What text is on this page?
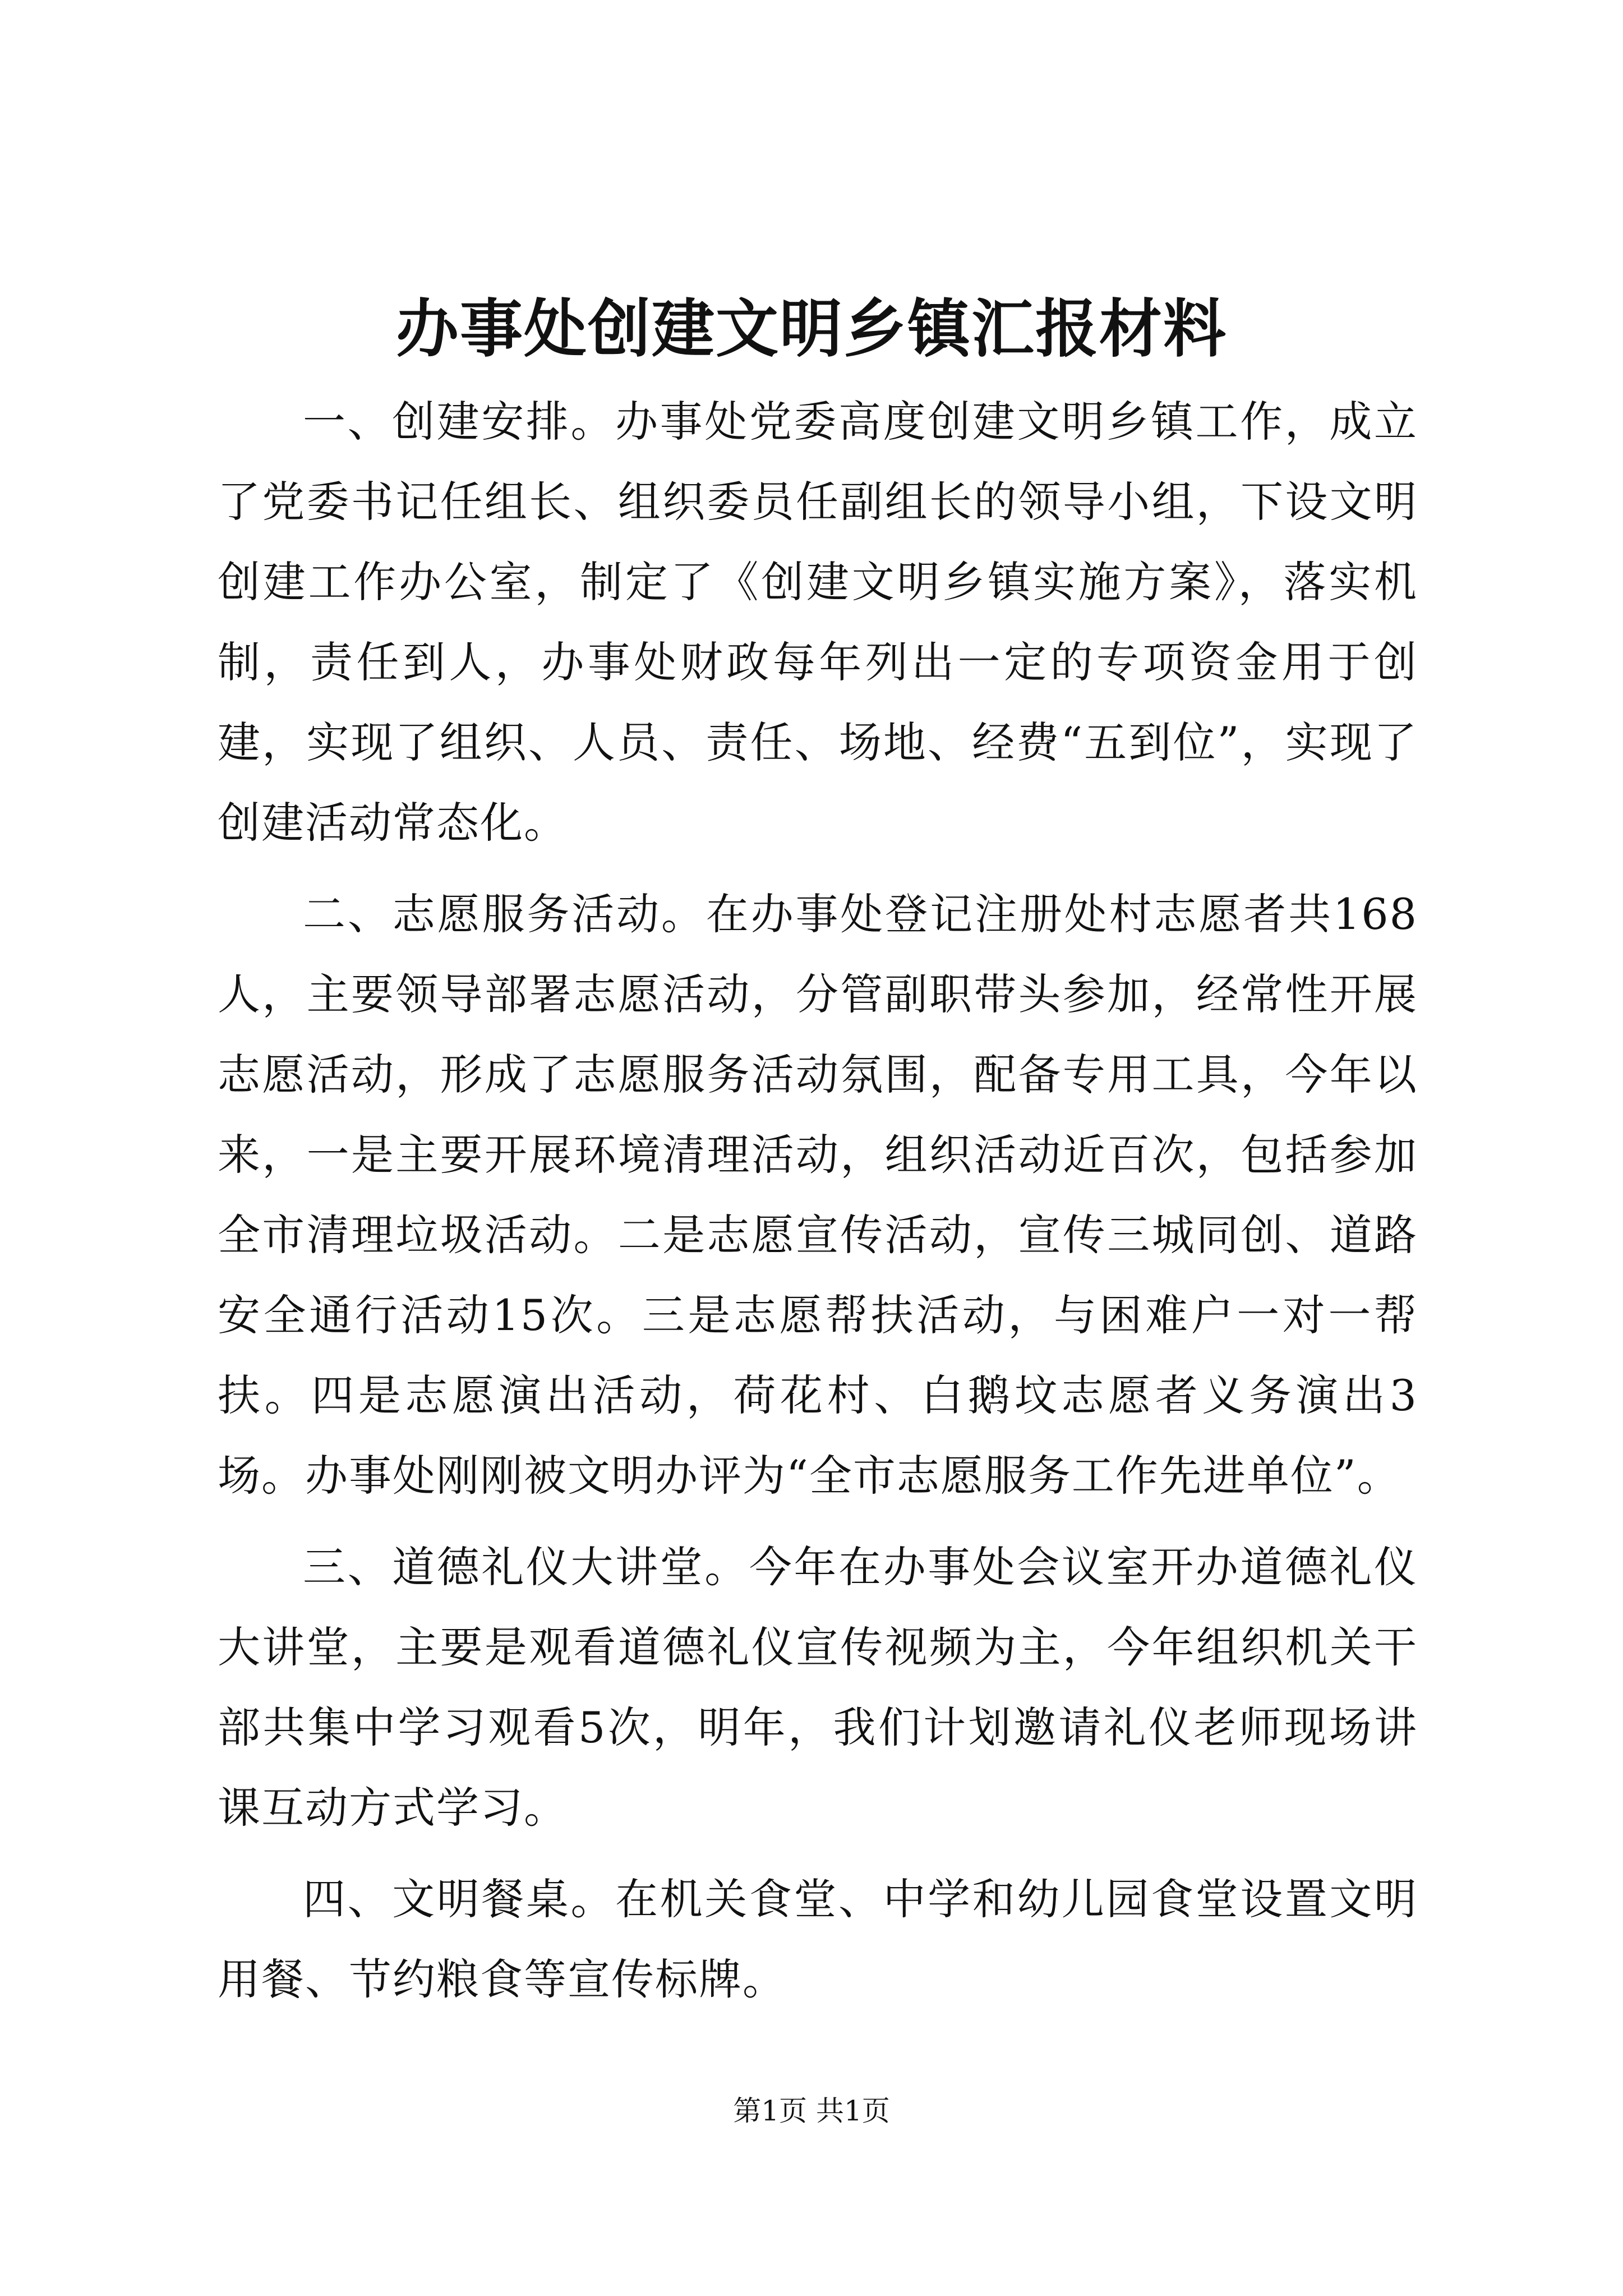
办事处创建文明乡镇汇报材料

一、创建安排。办事处党委高度创建文明乡镇工作，成立了党委书记任组长、组织委员任副组长的领导小组，下设文明创建工作办公室，制定了《创建文明乡镇实施方案》，落实机制，责任到人，办事处财政每年列出一定的专项资金用于创建，实现了组织、人员、责任、场地、经费“五到位”，实现了创建活动常态化。

二、志愿服务活动。在办事处登记注册处村志愿者共168人，主要领导部署志愿活动，分管副职带头参加，经常性开展志愿活动，形成了志愿服务活动氛围，配备专用工具，今年以来，一是主要开展环境清理活动，组织活动近百次，包括参加全市清理垃圾活动。二是志愿宣传活动，宣传三城同创、道路安全通行活动15次。三是志愿帮扶活动，与困难户一对一帮扶。四是志愿演出活动，荷花村、白鹅坟志愿者义务演出3场。办事处刚刚被文明办评为“全市志愿服务工作先进单位”。

三、道德礼仪大讲堂。今年在办事处会议室开办道德礼仪大讲堂，主要是观看道德礼仪宣传视频为主，今年组织机关干部共集中学习观看5次，明年，我们计划邀请礼仪老师现场讲课互动方式学习。

四、文明餐桌。在机关食堂、中学和幼儿园食堂设置文明用餐、节约粮食等宣传标牌。

第1页 共1页
